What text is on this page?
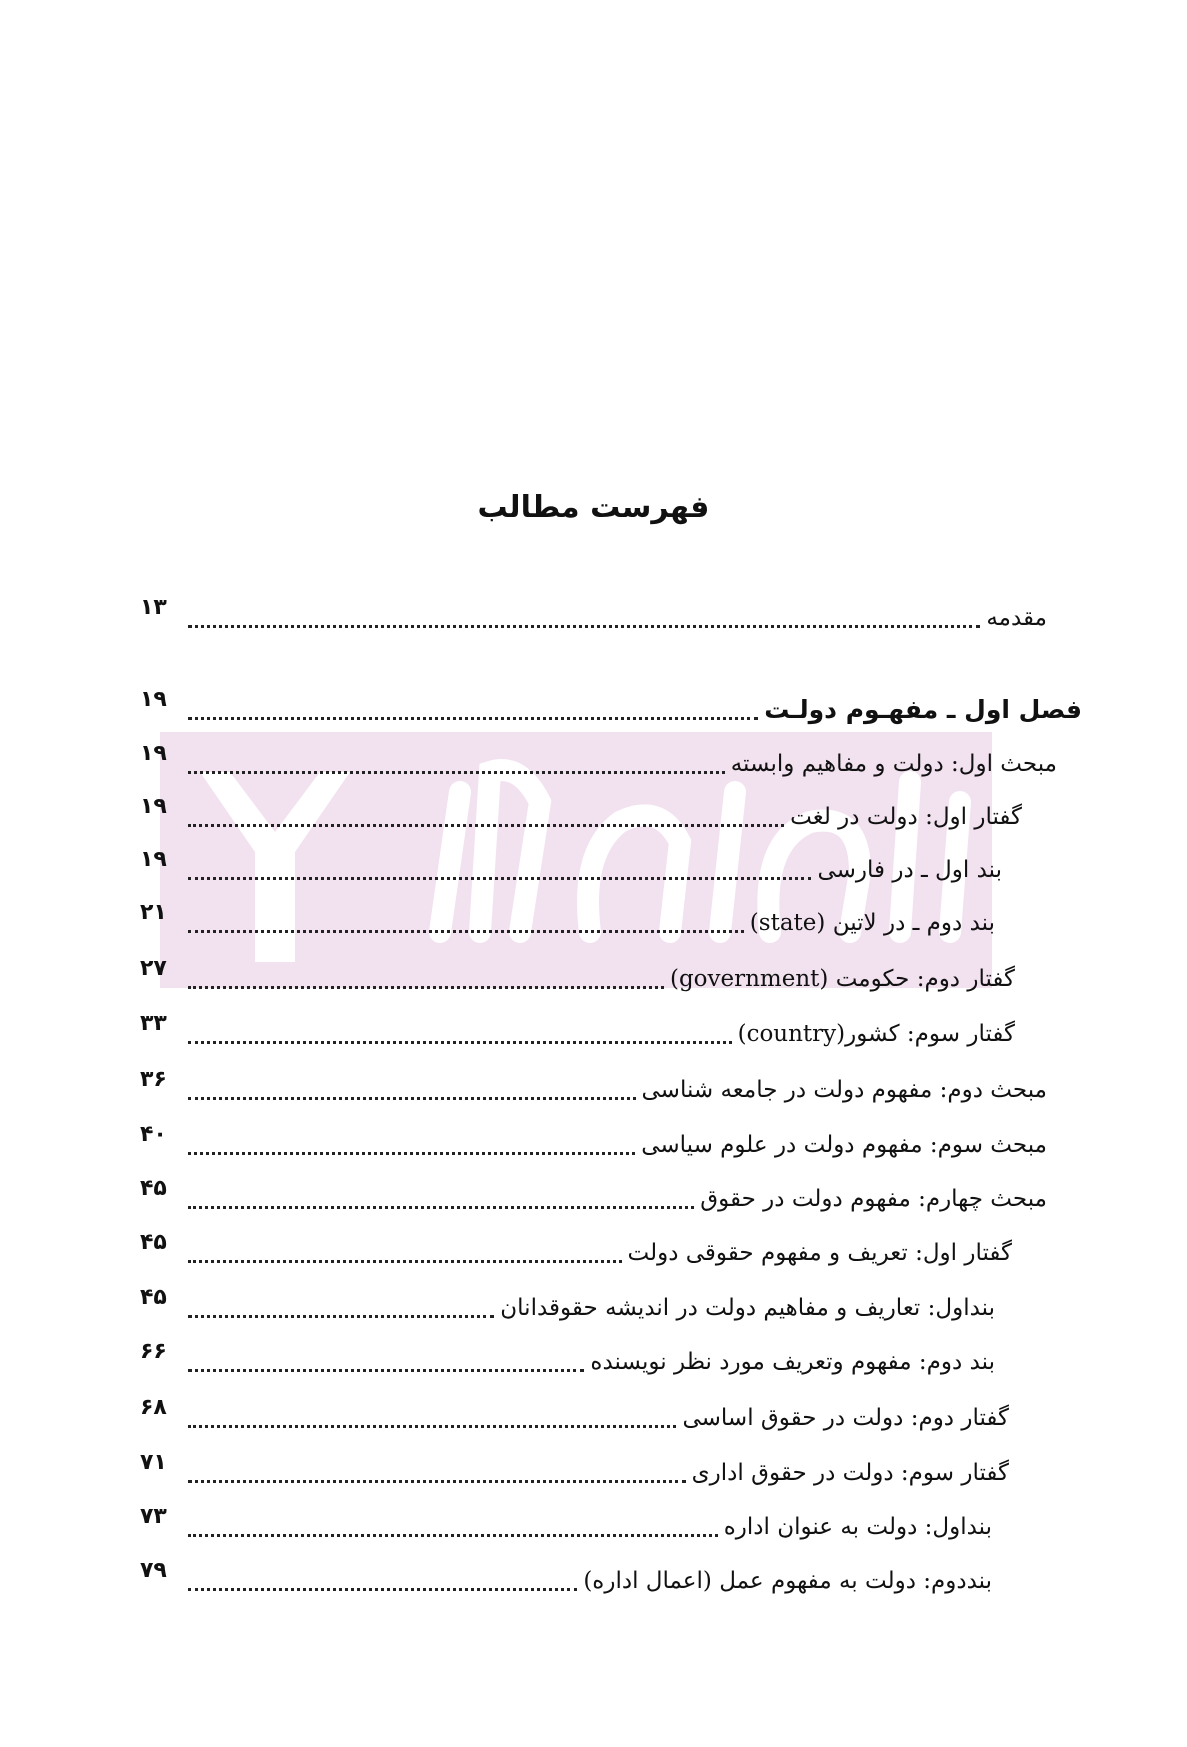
فهرست مطالب
مقدمه
۱۳
فصل اول ـ مفهـوم دولـت
۱۹
مبحث اول: دولت و مفاهیم وابسته
۱۹
گفتار اول: دولت در لغت
۱۹
بند اول ـ در فارسی
۱۹
بند دوم ـ در لاتین (state)
۲۱
گفتار دوم: حکومت (government)
۲۷
گفتار سوم: کشور(country)
۳۳
مبحث دوم: مفهوم دولت در جامعه شناسی
۳۶
مبحث سوم: مفهوم دولت در علوم سیاسی
۴۰
مبحث چهارم: مفهوم دولت در حقوق
۴۵
گفتار اول: تعریف و مفهوم حقوقی دولت
۴۵
بنداول: تعاریف و مفاهیم دولت در اندیشه حقوقدانان
۴۵
بند دوم: مفهوم وتعریف مورد نظر نویسنده
۶۶
گفتار دوم: دولت در حقوق اساسی
۶۸
گفتار سوم: دولت در حقوق اداری
۷۱
بنداول: دولت به عنوان اداره
۷۳
بنددوم: دولت به مفهوم عمل (اعمال اداره)
۷۹
